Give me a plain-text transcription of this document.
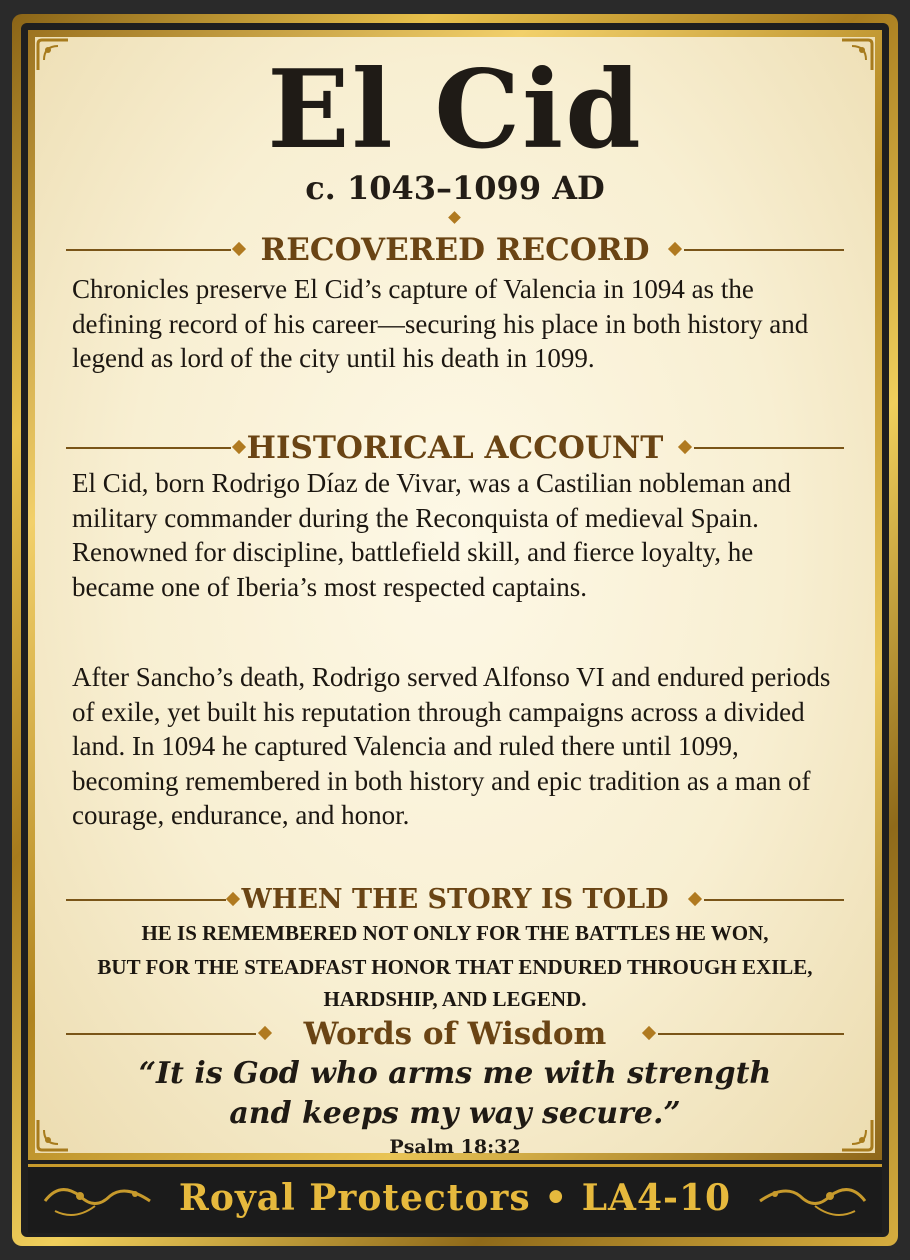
El Cid

c. 1043–1099 AD

RECOVERED RECORD

Chronicles preserve El Cid’s capture of Valencia in 1094 as the defining record of his career—securing his place in both history and legend as lord of the city until his death in 1099.

HISTORICAL ACCOUNT

El Cid, born Rodrigo Díaz de Vivar, was a Castilian nobleman and military commander during the Reconquista of medieval Spain. Renowned for discipline, battlefield skill, and fierce loyalty, he became one of Iberia’s most respected captains.

After Sancho’s death, Rodrigo served Alfonso VI and endured periods of exile, yet built his reputation through campaigns across a divided land. In 1094 he captured Valencia and ruled there until 1099, becoming remembered in both history and epic tradition as a man of courage, endurance, and honor.

WHEN THE STORY IS TOLD

HE IS REMEMBERED NOT ONLY FOR THE BATTLES HE WON,

BUT FOR THE STEADFAST HONOR THAT ENDURED THROUGH EXILE,

HARDSHIP, AND LEGEND.

Words of Wisdom

“It is God who arms me with strength

and keeps my way secure.”

Psalm 18:32

Royal Protectors • LA4-10
